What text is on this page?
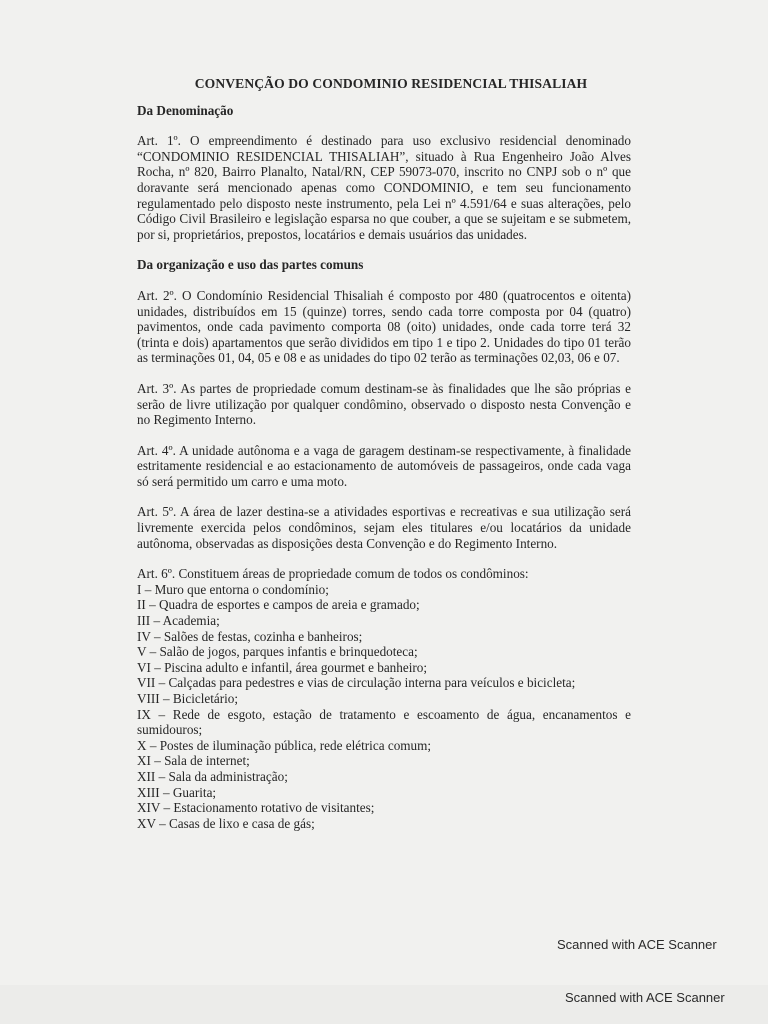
CONVENÇÃO DO CONDOMINIO RESIDENCIAL THISALIAH
Da Denominação
Art. 1º. O empreendimento é destinado para uso exclusivo residencial denominado “CONDOMINIO RESIDENCIAL THISALIAH”, situado à Rua Engenheiro João Alves Rocha, nº 820, Bairro Planalto, Natal/RN, CEP 59073-070, inscrito no CNPJ sob o nº que doravante será mencionado apenas como CONDOMINIO, e tem seu funcionamento regulamentado pelo disposto neste instrumento, pela Lei nº 4.591/64 e suas alterações, pelo Código Civil Brasileiro e legislação esparsa no que couber, a que se sujeitam e se submetem, por si, proprietários, prepostos, locatários e demais usuários das unidades.
Da organização e uso das partes comuns
Art. 2º. O Condomínio Residencial Thisaliah é composto por 480 (quatrocentos e oitenta) unidades, distribuídos em 15 (quinze) torres, sendo cada torre composta por 04 (quatro) pavimentos, onde cada pavimento comporta 08 (oito) unidades, onde cada torre terá 32 (trinta e dois) apartamentos que serão divididos em tipo 1 e tipo 2. Unidades do tipo 01 terão as terminações 01, 04, 05 e 08 e as unidades do tipo 02 terão as terminações 02,03, 06 e 07.
Art. 3º. As partes de propriedade comum destinam-se às finalidades que lhe são próprias e serão de livre utilização por qualquer condômino, observado o disposto nesta Convenção e no Regimento Interno.
Art. 4º. A unidade autônoma e a vaga de garagem destinam-se respectivamente, à finalidade estritamente residencial e ao estacionamento de automóveis de passageiros, onde cada vaga só será permitido um carro e uma moto.
Art. 5º. A área de lazer destina-se a atividades esportivas e recreativas e sua utilização será livremente exercida pelos condôminos, sejam eles titulares e/ou locatários da unidade autônoma, observadas as disposições desta Convenção e do Regimento Interno.
Art. 6º. Constituem áreas de propriedade comum de todos os condôminos:
I – Muro que entorna o condomínio;
II – Quadra de esportes e campos de areia e gramado;
III – Academia;
IV – Salões de festas, cozinha e banheiros;
V – Salão de jogos, parques infantis e brinquedoteca;
VI – Piscina adulto e infantil, área gourmet e banheiro;
VII – Calçadas para pedestres e vias de circulação interna para veículos e bicicleta;
VIII – Bicicletário;
IX – Rede de esgoto, estação de tratamento e escoamento de água, encanamentos e sumidouros;
X – Postes de iluminação pública, rede elétrica comum;
XI – Sala de internet;
XII – Sala da administração;
XIII – Guarita;
XIV – Estacionamento rotativo de visitantes;
XV – Casas de lixo e casa de gás;
Scanned with ACE Scanner
Scanned with ACE Scanner
